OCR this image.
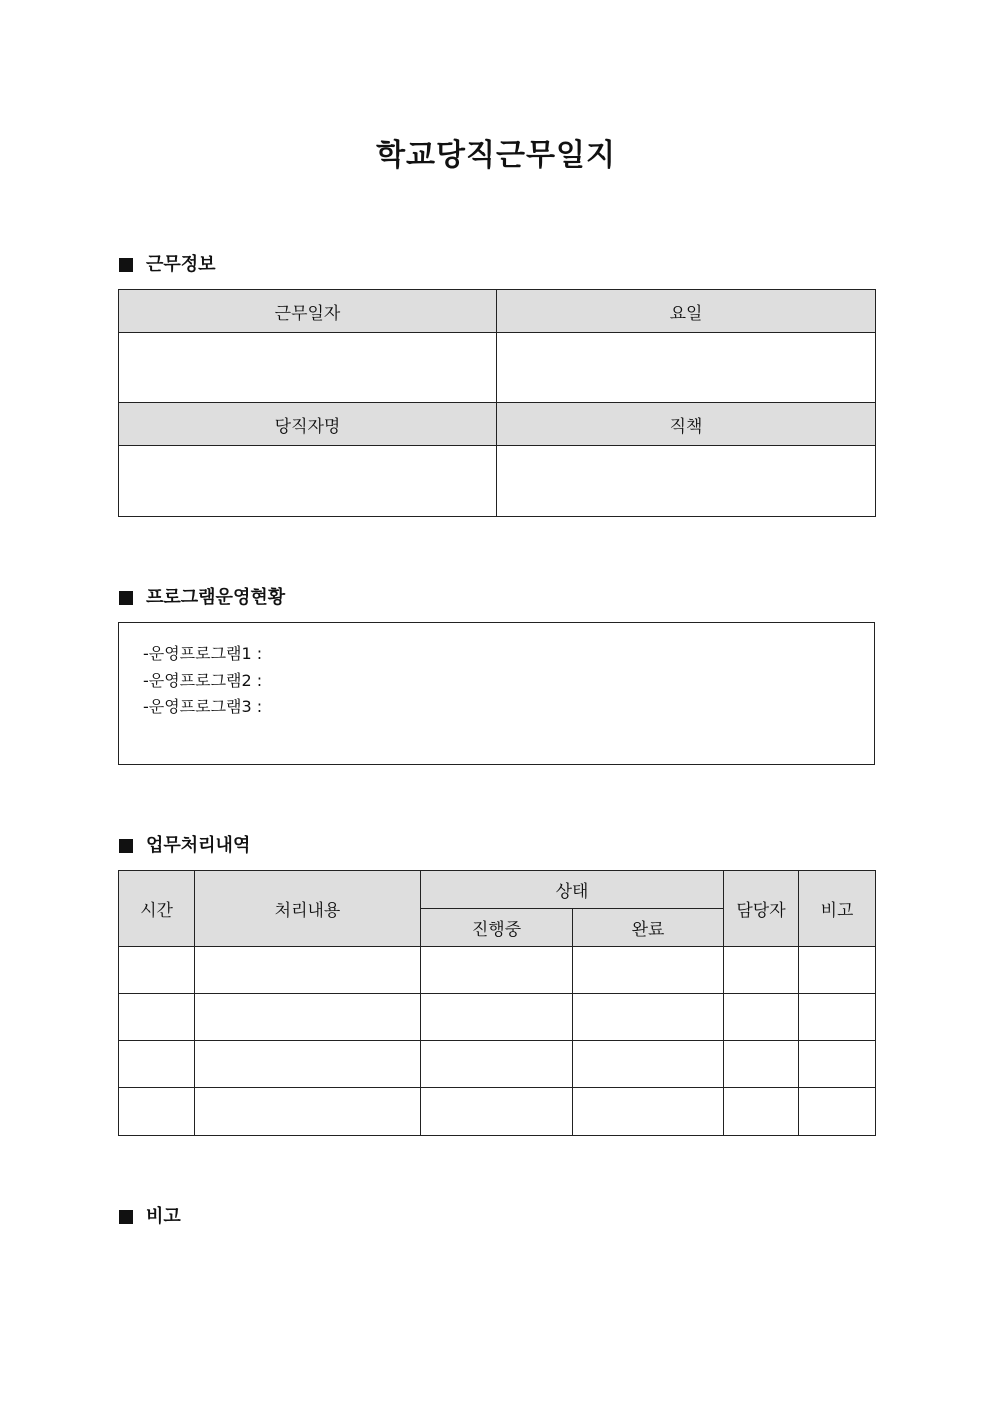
학교당직근무일지
근무정보
근무일자	요일

당직자명	직책

프로그램운영현황
-운영프로그램1 :
-운영프로그램2 :
-운영프로그램3 :
업무처리내역
시간	처리내용	상태		담당자	비고
		진행중	완료		

비고
